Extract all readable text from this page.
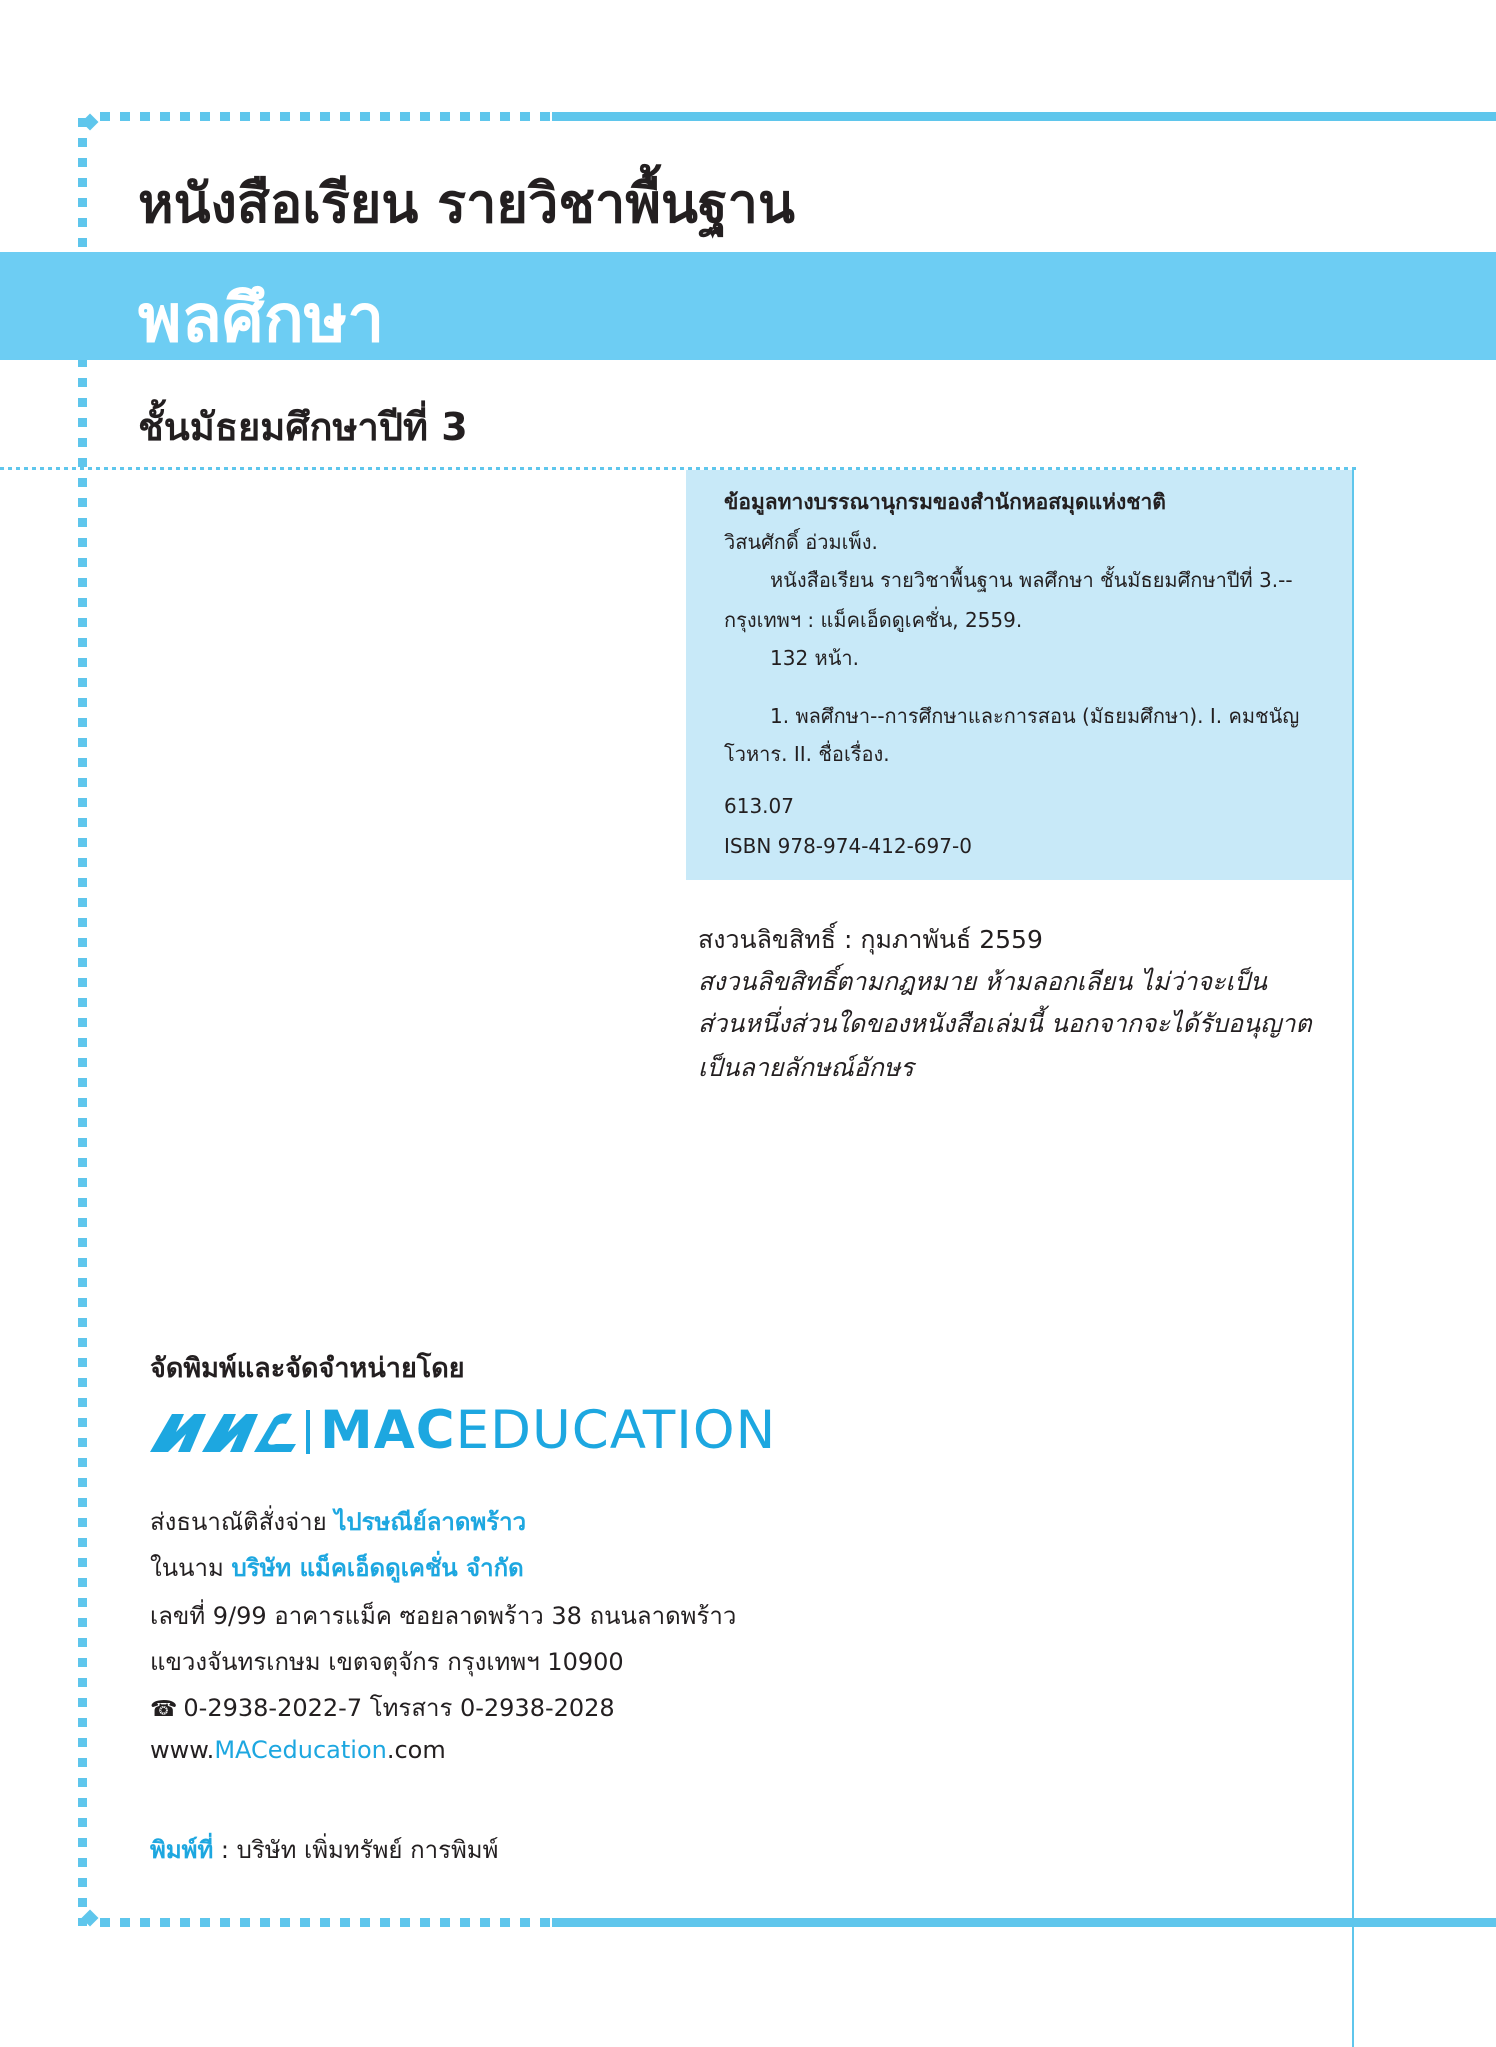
หนังสือเรียน รายวิชาพื้นฐาน
พลศึกษา
ชั้นมัธยมศึกษาปีที่ 3
ข้อมูลทางบรรณานุกรมของสำนักหอสมุดแห่งชาติ
วิสนศักดิ์ อ่วมเพ็ง.
หนังสือเรียน รายวิชาพื้นฐาน พลศึกษา ชั้นมัธยมศึกษาปีที่ 3.--
กรุงเทพฯ : แม็คเอ็ดดูเคชั่น, 2559.
132 หน้า.
1. พลศึกษา--การศึกษาและการสอน (มัธยมศึกษา). I. คมชนัญ
โวหาร. II. ชื่อเรื่อง.
613.07
ISBN 978-974-412-697-0
สงวนลิขสิทธิ์ : กุมภาพันธ์ 2559
สงวนลิขสิทธิ์ตามกฎหมาย ห้ามลอกเลียน ไม่ว่าจะเป็น
ส่วนหนึ่งส่วนใดของหนังสือเล่มนี้ นอกจากจะได้รับอนุญาต
เป็นลายลักษณ์อักษร
จัดพิมพ์และจัดจำหน่ายโดย
MACEDUCATION
ส่งธนาณัติสั่งจ่าย ไปรษณีย์ลาดพร้าว
ในนาม บริษัท แม็คเอ็ดดูเคชั่น จำกัด
เลขที่ 9/99 อาคารแม็ค ซอยลาดพร้าว 38 ถนนลาดพร้าว
แขวงจันทรเกษม เขตจตุจักร กรุงเทพฯ 10900
☎ 0-2938-2022-7 โทรสาร 0-2938-2028
www.MACeducation.com
พิมพ์ที่ : บริษัท เพิ่มทรัพย์ การพิมพ์
